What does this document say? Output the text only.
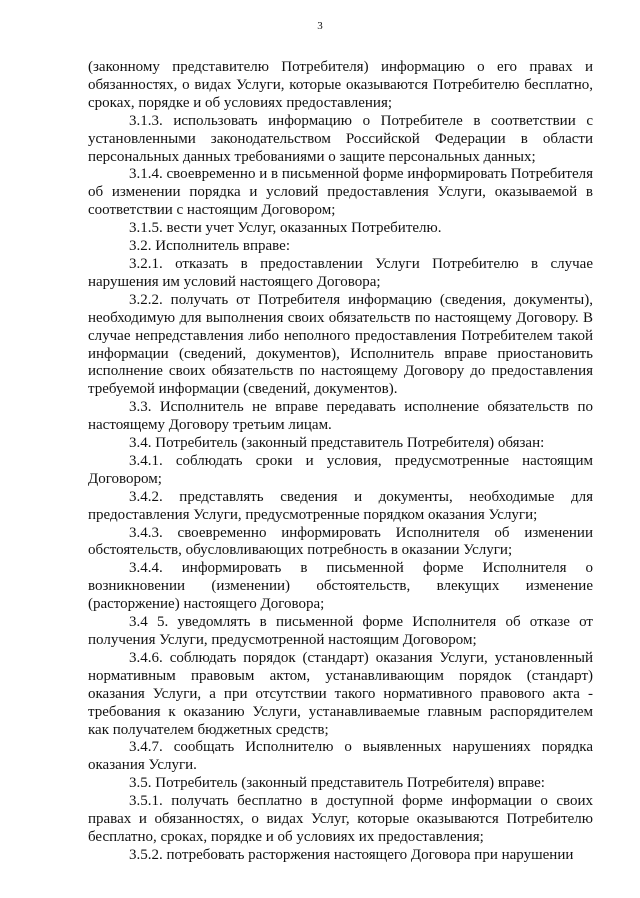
3

(законному представителю Потребителя) информацию о его правах и обязанностях, о видах Услуги, которые оказываются Потребителю бесплатно, сроках, порядке и об условиях предоставления;

3.1.3. использовать информацию о Потребителе в соответствии с установленными законодательством Российской Федерации в области персональных данных требованиями о защите персональных данных;

3.1.4. своевременно и в письменной форме информировать Потребителя об изменении порядка и условий предоставления Услуги, оказываемой в соответствии с настоящим Договором;

3.1.5. вести учет Услуг, оказанных Потребителю.

3.2. Исполнитель вправе:

3.2.1. отказать в предоставлении Услуги Потребителю в случае нарушения им условий настоящего Договора;

3.2.2. получать от Потребителя информацию (сведения, документы), необходимую для выполнения своих обязательств по настоящему Договору. В случае непредставления либо неполного предоставления Потребителем такой информации (сведений, документов), Исполнитель вправе приостановить исполнение своих обязательств по настоящему Договору до предоставления требуемой информации (сведений, документов).

3.3. Исполнитель не вправе передавать исполнение обязательств по настоящему Договору третьим лицам.

3.4. Потребитель (законный представитель Потребителя) обязан:

3.4.1. соблюдать сроки и условия, предусмотренные настоящим Договором;

3.4.2. представлять сведения и документы, необходимые для предоставления Услуги, предусмотренные порядком оказания Услуги;

3.4.3. своевременно информировать Исполнителя об изменении обстоятельств, обусловливающих потребность в оказании Услуги;

3.4.4. информировать в письменной форме Исполнителя о возникновении (изменении) обстоятельств, влекущих изменение (расторжение) настоящего Договора;

3.4 5. уведомлять в письменной форме Исполнителя об отказе от получения Услуги, предусмотренной настоящим Договором;

3.4.6. соблюдать порядок (стандарт) оказания Услуги, установленный нормативным правовым актом, устанавливающим порядок (стандарт) оказания Услуги, а при отсутствии такого нормативного правового акта - требования к оказанию Услуги, устанавливаемые главным распорядителем как получателем бюджетных средств;

3.4.7. сообщать Исполнителю о выявленных нарушениях порядка оказания Услуги.

3.5. Потребитель (законный представитель Потребителя) вправе:

3.5.1. получать бесплатно в доступной форме информации о своих правах и обязанностях, о видах Услуг, которые оказываются Потребителю бесплатно, сроках, порядке и об условиях их предоставления;

3.5.2. потребовать расторжения настоящего Договора при нарушении
